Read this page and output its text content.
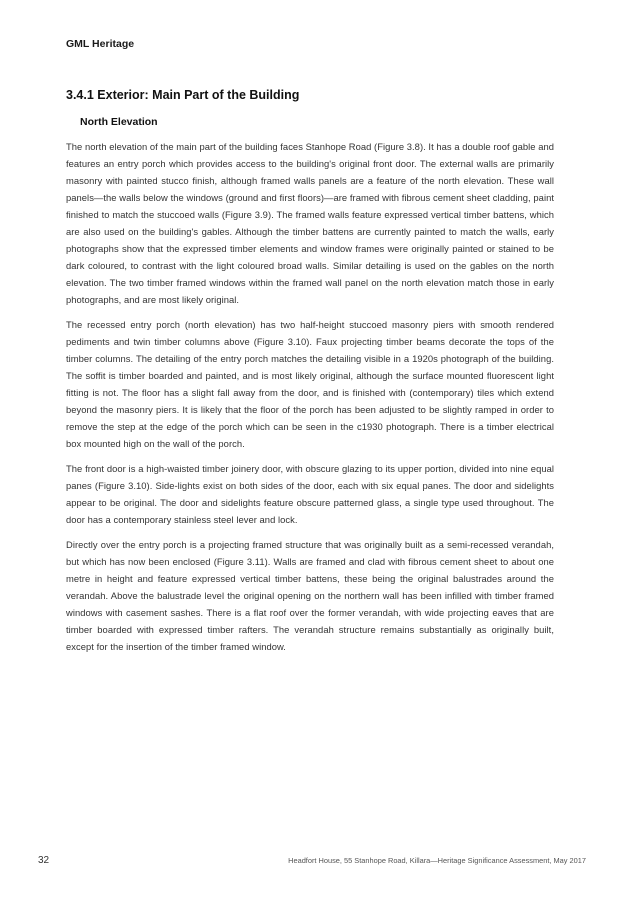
GML Heritage
3.4.1 Exterior: Main Part of the Building
North Elevation

The north elevation of the main part of the building faces Stanhope Road (Figure 3.8). It has a double roof gable and features an entry porch which provides access to the building's original front door. The external walls are primarily masonry with painted stucco finish, although framed walls panels are a feature of the north elevation. These wall panels—the walls below the windows (ground and first floors)—are framed with fibrous cement sheet cladding, paint finished to match the stuccoed walls (Figure 3.9). The framed walls feature expressed vertical timber battens, which are also used on the building's gables. Although the timber battens are currently painted to match the walls, early photographs show that the expressed timber elements and window frames were originally painted or stained to be dark coloured, to contrast with the light coloured broad walls. Similar detailing is used on the gables on the north elevation. The two timber framed windows within the framed wall panel on the north elevation match those in early photographs, and are most likely original.

The recessed entry porch (north elevation) has two half-height stuccoed masonry piers with smooth rendered pediments and twin timber columns above (Figure 3.10). Faux projecting timber beams decorate the tops of the timber columns. The detailing of the entry porch matches the detailing visible in a 1920s photograph of the building. The soffit is timber boarded and painted, and is most likely original, although the surface mounted fluorescent light fitting is not. The floor has a slight fall away from the door, and is finished with (contemporary) tiles which extend beyond the masonry piers. It is likely that the floor of the porch has been adjusted to be slightly ramped in order to remove the step at the edge of the porch which can be seen in the c1930 photograph. There is a timber electrical box mounted high on the wall of the porch.

The front door is a high-waisted timber joinery door, with obscure glazing to its upper portion, divided into nine equal panes (Figure 3.10). Side-lights exist on both sides of the door, each with six equal panes. The door and sidelights appear to be original. The door and sidelights feature obscure patterned glass, a single type used throughout. The door has a contemporary stainless steel lever and lock.

Directly over the entry porch is a projecting framed structure that was originally built as a semi-recessed verandah, but which has now been enclosed (Figure 3.11). Walls are framed and clad with fibrous cement sheet to about one metre in height and feature expressed vertical timber battens, these being the original balustrades around the verandah. Above the balustrade level the original opening on the northern wall has been infilled with timber framed windows with casement sashes. There is a flat roof over the former verandah, with wide projecting eaves that are timber boarded with expressed timber rafters. The verandah structure remains substantially as originally built, except for the insertion of the timber framed window.

32	Headfort House, 55 Stanhope Road, Killara—Heritage Significance Assessment, May 2017
